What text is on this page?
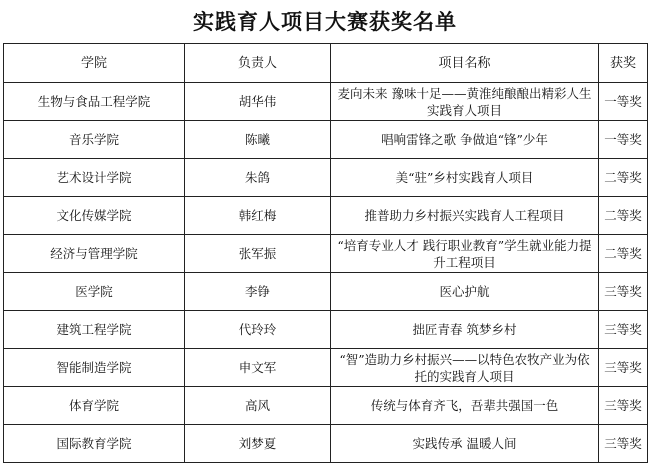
实践育人项目大赛获奖名单
学院	负责人	项目名称	获奖
生物与食品工程学院	胡华伟	麦向未来 豫味十足——黄淮纯酿酿出精彩人生实践育人项目	一等奖
音乐学院	陈曦	唱响雷锋之歌 争做追“锋”少年	一等奖
艺术设计学院	朱鸽	美“驻”乡村实践育人项目	二等奖
文化传媒学院	韩红梅	推普助力乡村振兴实践育人工程项目	二等奖
经济与管理学院	张军振	“培育专业人才 践行职业教育”学生就业能力提升工程项目	二等奖
医学院	李铮	医心护航	三等奖
建筑工程学院	代玲玲	拙匠青春 筑梦乡村	三等奖
智能制造学院	申文军	“智”造助力乡村振兴——以特色农牧产业为依托的实践育人项目	三等奖
体育学院	高风	传统与体育齐飞，吾辈共强国一色	三等奖
国际教育学院	刘梦夏	实践传承 温暖人间	三等奖
